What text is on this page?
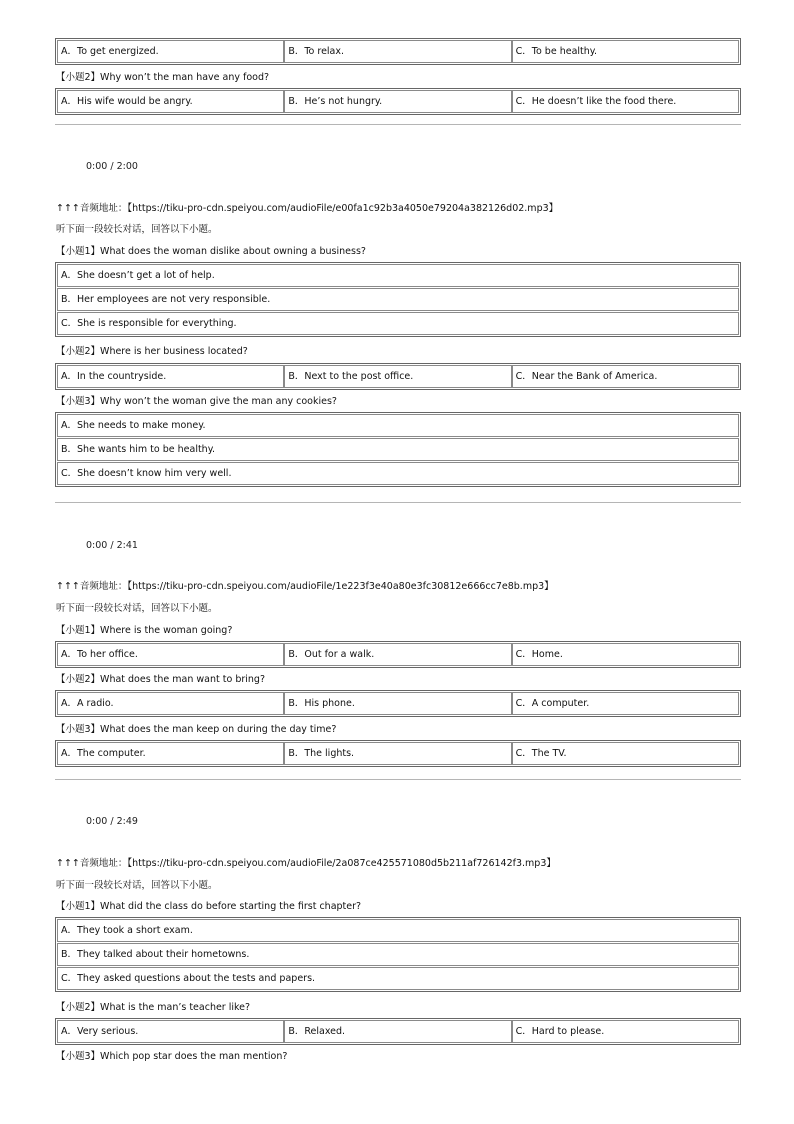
A．To get energized.	B．To relax.	C．To be healthy.
【小题2】Why won’t the man have any food?
A．His wife would be angry.	B．He’s not hungry.	C．He doesn’t like the food there.
0:00 / 2:00
↑↑↑音频地址：【https://tiku-pro-cdn.speiyou.com/audioFile/e00fa1c92b3a4050e79204a382126d02.mp3】
听下面一段较长对话，回答以下小题。
【小题1】What does the woman dislike about owning a business?
A．She doesn’t get a lot of help.
B．Her employees are not very responsible.
C．She is responsible for everything.
【小题2】Where is her business located?
A．In the countryside.	B．Next to the post office.	C．Near the Bank of America.
【小题3】Why won’t the woman give the man any cookies?
A．She needs to make money.
B．She wants him to be healthy.
C．She doesn’t know him very well.
0:00 / 2:41
↑↑↑音频地址：【https://tiku-pro-cdn.speiyou.com/audioFile/1e223f3e40a80e3fc30812e666cc7e8b.mp3】
听下面一段较长对话，回答以下小题。
【小题1】Where is the woman going?
A．To her office.	B．Out for a walk.	C．Home.
【小题2】What does the man want to bring?
A．A radio.	B．His phone.	C．A computer.
【小题3】What does the man keep on during the day time?
A．The computer.	B．The lights.	C．The TV.
0:00 / 2:49
↑↑↑音频地址：【https://tiku-pro-cdn.speiyou.com/audioFile/2a087ce425571080d5b211af726142f3.mp3】
听下面一段较长对话，回答以下小题。
【小题1】What did the class do before starting the first chapter?
A．They took a short exam.
B．They talked about their hometowns.
C．They asked questions about the tests and papers.
【小题2】What is the man’s teacher like?
A．Very serious.	B．Relaxed.	C．Hard to please.
【小题3】Which pop star does the man mention?
